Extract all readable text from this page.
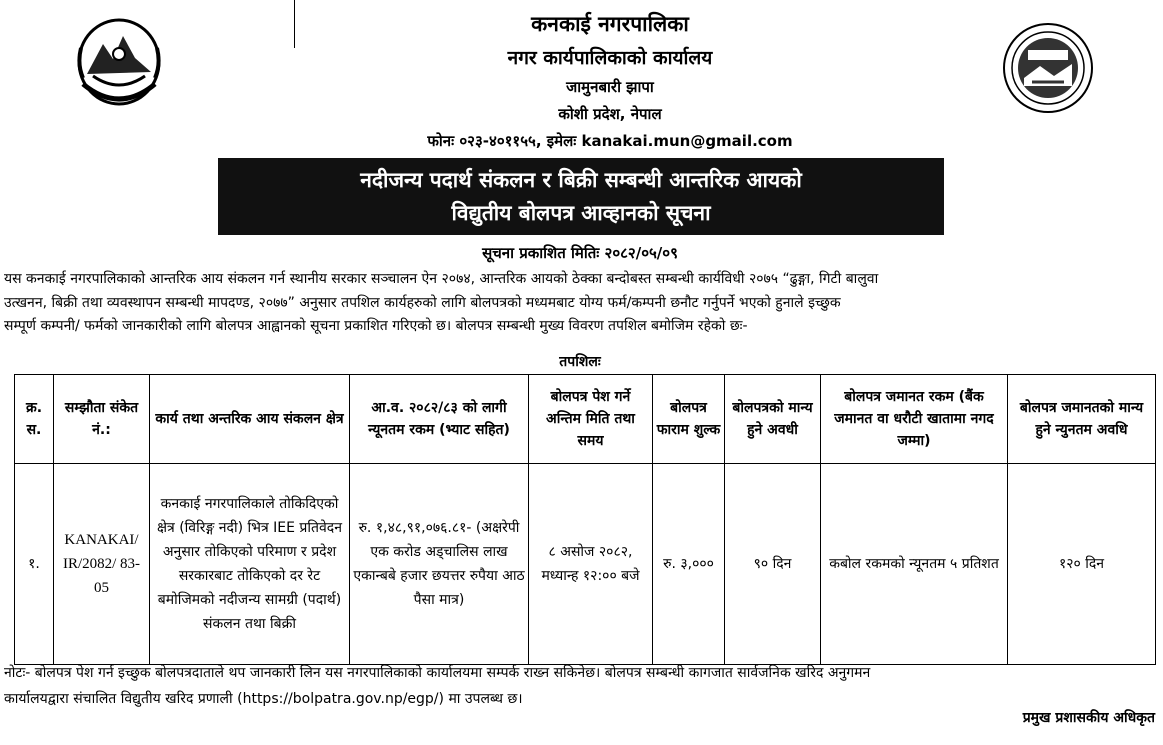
कनकाई नगरपालिका
नगर कार्यपालिकाको कार्यालय
जामुनबारी झापा
कोशी प्रदेश, नेपाल
फोनः ०२३-४०११५५, इमेलः kanakai.mun@gmail.com
नदीजन्य पदार्थ संकलन र बिक्री सम्बन्धी आन्तरिक आयको
विद्युतीय बोलपत्र आव्हानको सूचना
सूचना प्रकाशित मितिः २०८२/०५/०९
यस कनकाई नगरपालिकाको आन्तरिक आय संकलन गर्न स्थानीय सरकार सञ्चालन ऐन २०७४, आन्तरिक आयको ठेक्का बन्दोबस्त सम्बन्धी कार्यविधी २०७५ “ढुङ्गा, गिटी बालुवा
उत्खनन, बिक्री तथा व्यवस्थापन सम्बन्धी मापदण्ड, २०७७” अनुसार तपशिल कार्यहरुको लागि बोलपत्रको मध्यमबाट योग्य फर्म/कम्पनी छनौट गर्नुपर्ने भएको हुनाले इच्छुक
सम्पूर्ण कम्पनी/ फर्मको जानकारीको लागि बोलपत्र आह्वानको सूचना प्रकाशित गरिएको छ। बोलपत्र सम्बन्धी मुख्य विवरण तपशिल बमोजिम रहेको छः-
तपशिलः
क्र. स.	सम्झौता संकेत नं.:	कार्य तथा अन्तरिक आय संकलन क्षेत्र	आ.व. २०८२/८३ को लागी न्यूनतम रकम (भ्याट सहित)	बोलपत्र पेश गर्ने अन्तिम मिति तथा समय	बोलपत्र फाराम शुल्क	बोलपत्रको मान्य हुने अवधी	बोलपत्र जमानत रकम (बैंक जमानत वा धरौटी खातामा नगद जम्मा)	बोलपत्र जमानतको मान्य हुने न्युनतम अवधि
१.	KANAKAI/ IR/2082/ 83-05	कनकाई नगरपालिकाले तोकिदिएको क्षेत्र (विरिङ्ग नदी) भित्र IEE प्रतिवेदन अनुसार तोकिएको परिमाण र प्रदेश सरकारबाट तोकिएको दर रेट बमोजिमको नदीजन्य सामग्री (पदार्थ) संकलन तथा बिक्री	रु. १,४८,९१,०७६.८१- (अक्षरेपी एक करोड अड्चालिस लाख एकान्बबे हजार छयत्तर रुपैया आठ पैसा मात्र)	८ असोज २०८२, मध्यान्ह १२:०० बजे	रु. ३,०००	९० दिन	कबोल रकमको न्यूनतम ५ प्रतिशत	१२० दिन
नोटः- बोलपत्र पेश गर्न इच्छुक बोलपत्रदाताले थप जानकारी लिन यस नगरपालिकाको कार्यालयमा सम्पर्क राख्न सकिनेछ। बोलपत्र सम्बन्धी कागजात सार्वजनिक खरिद अनुगमन
कार्यालयद्वारा संचालित विद्युतीय खरिद प्रणाली (https://bolpatra.gov.np/egp/) मा उपलब्ध छ।
प्रमुख प्रशासकीय अधिकृत
